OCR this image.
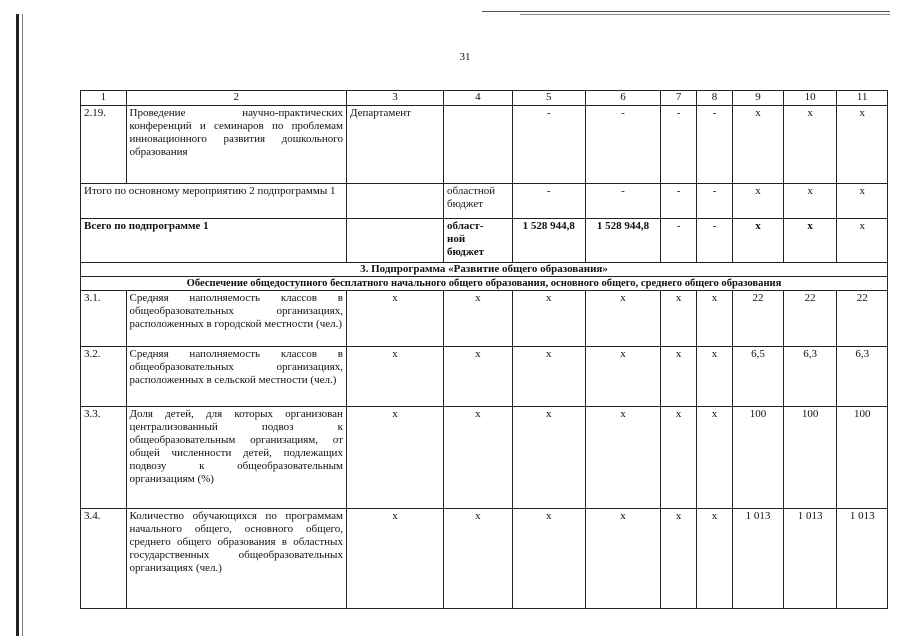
31
1	2	3	4	5	6	7	8	9	10	11
2.19.	Проведение научно-практических конференций и семинаров по проблемам инновационного развития дошкольного образования	Департамент		-	-	-	-	х	х	х
Итого по основному мероприятию 2 подпрограммы 1			областной бюджет	-	-	-	-	х	х	х
Всего по подпрограмме 1			област-ной бюджет	1 528 944,8	1 528 944,8	-	-	х	х	х
3. Подпрограмма «Развитие общего образования»										
Обеспечение общедоступного бесплатного начального общего образования, основного общего, среднего общего образования										
3.1.	Средняя наполняемость классов в общеобразовательных организациях, расположенных в городской местности (чел.)	х	х	х	х	х	х	22	22	22
3.2.	Средняя наполняемость классов в общеобразовательных организациях, расположенных в сельской местности (чел.)	х	х	х	х	х	х	6,5	6,3	6,3
3.3.	Доля детей, для которых организован централизованный подвоз к общеобразовательным организациям, от общей численности детей, подлежащих подвозу к общеобразовательным организациям (%)	х	х	х	х	х	х	100	100	100
3.4.	Количество обучающихся по программам начального общего, основного общего, среднего общего образования в областных государственных общеобразовательных организациях (чел.)	х	х	х	х	х	х	1 013	1 013	1 013
